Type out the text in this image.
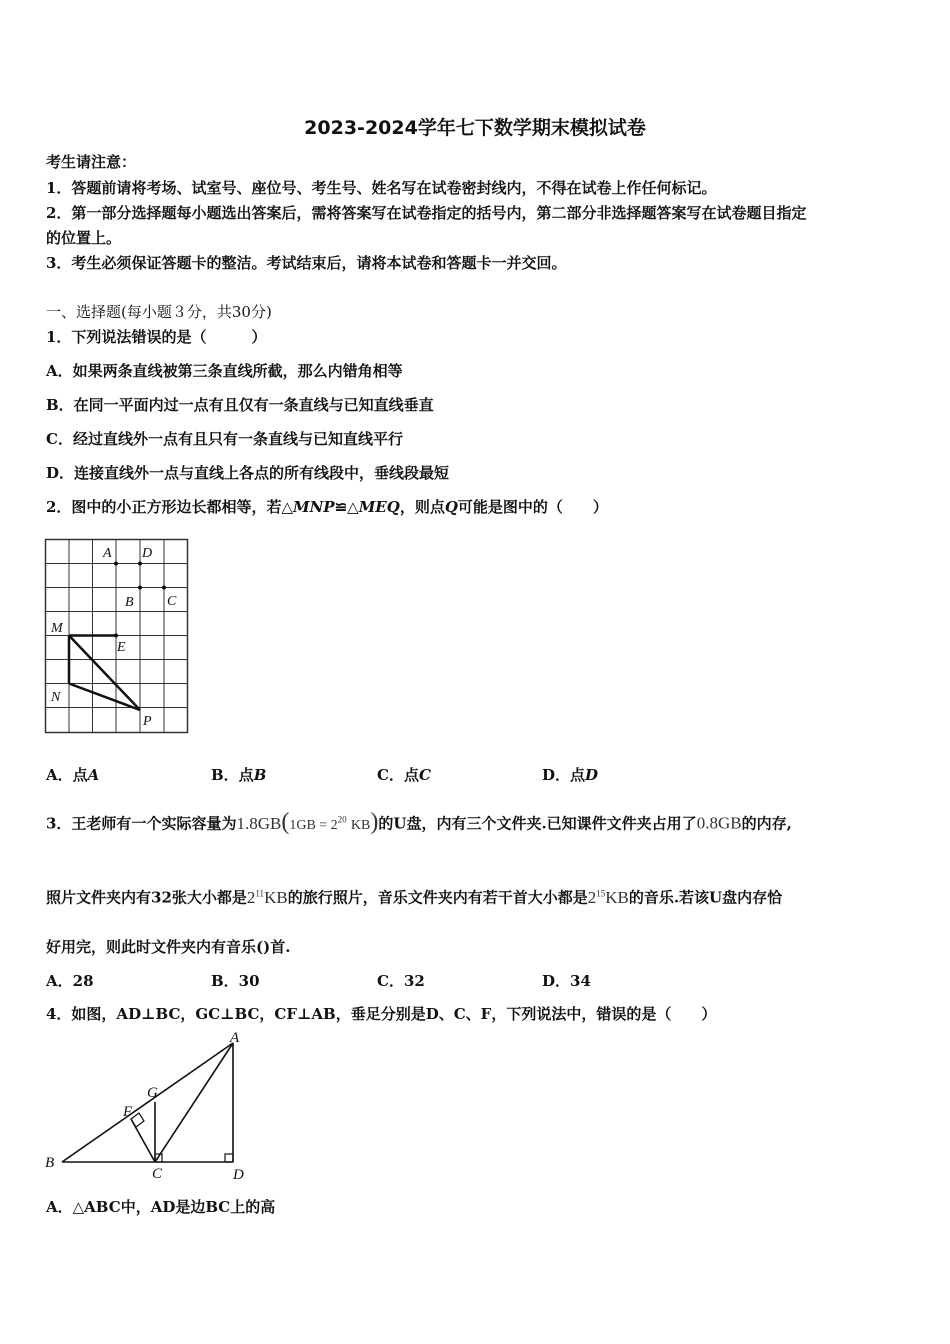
2023-2024学年七下数学期末模拟试卷
考生请注意：
1．答题前请将考场、试室号、座位号、考生号、姓名写在试卷密封线内，不得在试卷上作任何标记。
2．第一部分选择题每小题选出答案后，需将答案写在试卷指定的括号内，第二部分非选择题答案写在试卷题目指定
的位置上。
3．考生必须保证答题卡的整洁。考试结束后，请将本试卷和答题卡一并交回。
一、选择题(每小题３分，共30分)
1．下列说法错误的是（　　　）
A．如果两条直线被第三条直线所截，那么内错角相等
B．在同一平面内过一点有且仅有一条直线与已知直线垂直
C．经过直线外一点有且只有一条直线与已知直线平行
D．连接直线外一点与直线上各点的所有线段中，垂线段最短
2．图中的小正方形边长都相等，若△MNP≌△MEQ，则点Q可能是图中的（　　）
A D
B C
M
E
N
P
A．点A	B．点B	C．点C	D．点D
3．王老师有一个实际容量为$1.8GB(1GB = 2^{20}$ KB)的U盘，内有三个文件夹.已知课件文件夹占用了0.8GB的内存,
照片文件夹内有32张大小都是$2^{11}KB$的旅行照片，音乐文件夹内有若干首大小都是$2^{15}KB$的音乐.若该U盘内存恰
好用完，则此时文件夹内有音乐()首.
A．28	B．30	C．32	D．34
4．如图，AD⊥BC，GC⊥BC，CF⊥AB，垂足分别是D、C、F，下列说法中，错误的是（　　）
A
G
F
B
C	D
A．△ABC中，AD是边BC上的高
